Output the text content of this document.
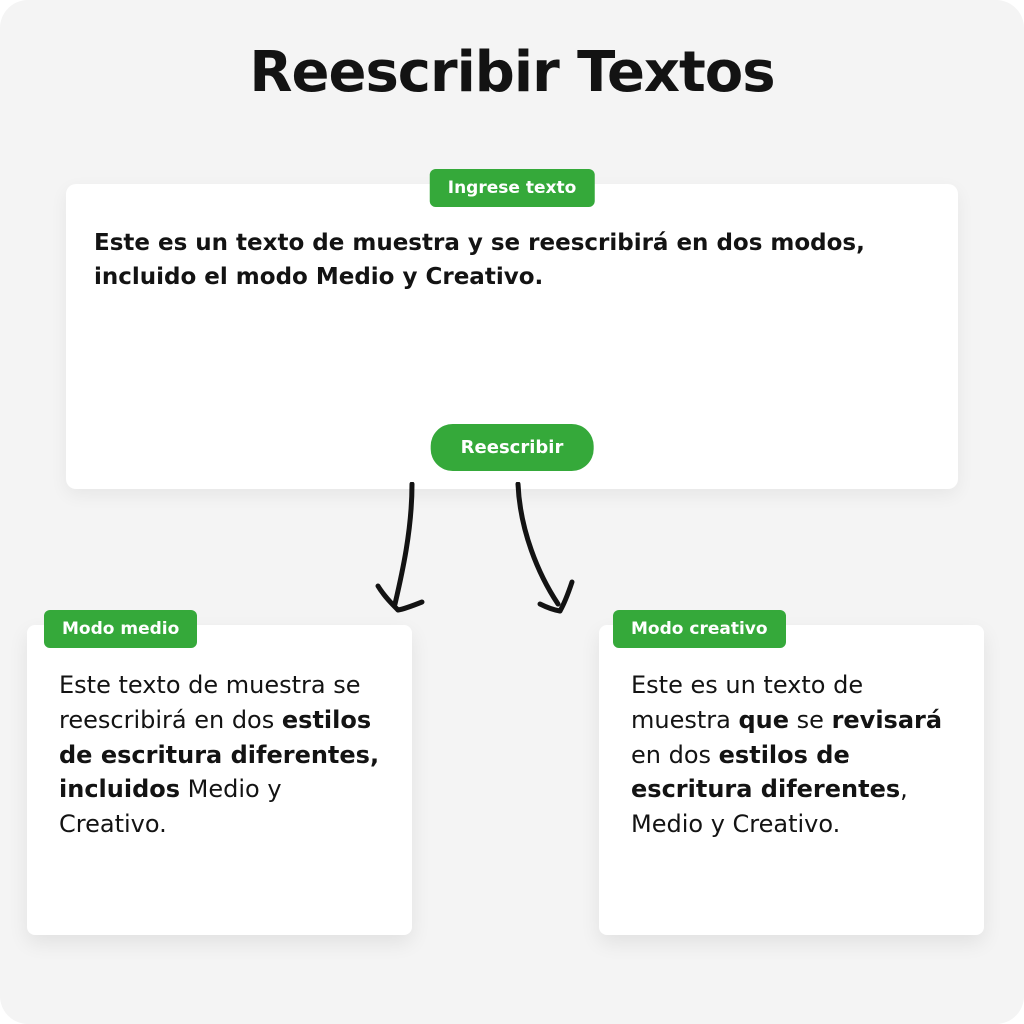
Reescribir Textos
Ingrese texto
Este es un texto de muestra y se reescribirá en dos modos, incluido el modo Medio y Creativo.
Reescribir
Modo medio
Este texto de muestra se reescribirá en dos estilos de escritura diferentes, incluidos Medio y Creativo.
Modo creativo
Este es un texto de muestra que se revisará en dos estilos de escritura diferentes, Medio y Creativo.
